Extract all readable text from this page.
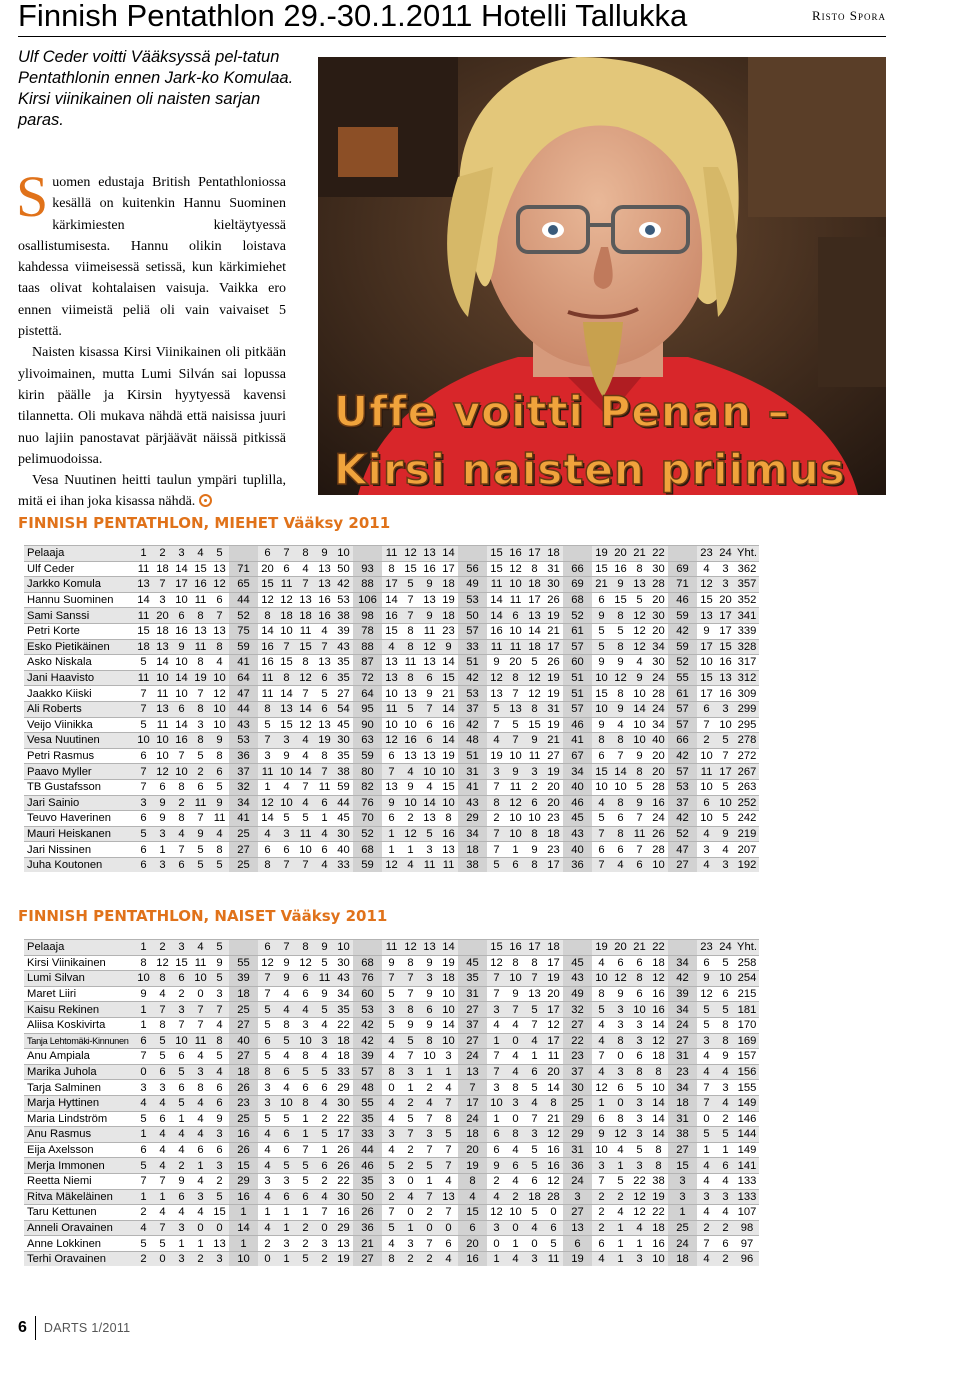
Finnish Pentathlon 29.-30.1.2011 Hotelli Tallukka	Risto Spora
Ulf Ceder voitti Vääksyssä pel-tatun Pentathlonin ennen Jark-ko Komulaa. Kirsi viinikainen oli naisten sarjan paras.

Suomen edustaja British Pentathloniossa kesällä on kuitenkin Hannu Suominen kärkimiesten kieltäytyessä osallistumisesta. Hannu olikin loistava kahdessa viimeisessä setissä, kun kärkimiehet taas olivat kohtalaisen vaisuja. Vaikka ero ennen viimeistä peliä oli vain vaivaiset 5 pistettä.

Naisten kisassa Kirsi Viinikainen oli pitkään ylivoimainen, mutta Lumi Silván sai lopussa kirin päälle ja Kirsin hyytyessä kavensi tilannetta. Oli mukava nähdä että naisissa juuri nuo lajiin panostavat pärjäävät näissä pitkissä pelimuodoissa.

Vesa Nuutinen heitti taulun ympäri tuplilla, mitä ei ihan joka kisassa nähdä.

Uffe voitti Penan –
Kirsi naisten priimus
FINNISH PENTATHLON, MIEHET Vääksy 2011
Pelaaja	1	2	3	4	5		6	7	8	9	10		11	12	13	14		15	16	17	18		19	20	21	22		23	24	Yht.
Ulf Ceder	11	18	14	15	13	71	20	6	4	13	50	93	8	15	16	17	56	15	12	8	31	66	15	16	8	30	69	4	3	362
Jarkko Komula	13	7	17	16	12	65	15	11	7	13	42	88	17	5	9	18	49	11	10	18	30	69	21	9	13	28	71	12	3	357
Hannu Suominen	14	3	10	11	6	44	12	12	13	16	53	106	14	7	13	19	53	14	11	17	26	68	6	15	5	20	46	15	20	352
Sami Sanssi	11	20	6	8	7	52	8	18	18	16	38	98	16	7	9	18	50	14	6	13	19	52	9	8	12	30	59	13	17	341
Petri Korte	15	18	16	13	13	75	14	10	11	4	39	78	15	8	11	23	57	16	10	14	21	61	5	5	12	20	42	9	17	339
Esko Pietikäinen	18	13	9	11	8	59	16	7	15	7	43	88	4	8	12	9	33	11	11	18	17	57	5	8	12	34	59	17	15	328
Asko Niskala	5	14	10	8	4	41	16	15	8	13	35	87	13	11	13	14	51	9	20	5	26	60	9	9	4	30	52	10	16	317
Jani Haavisto	11	10	14	19	10	64	11	8	12	6	35	72	13	8	6	15	42	12	8	12	19	51	10	12	9	24	55	15	13	312
Jaakko Kiiski	7	11	10	7	12	47	11	14	7	5	27	64	10	13	9	21	53	13	7	12	19	51	15	8	10	28	61	17	16	309
Ali Roberts	7	13	6	8	10	44	8	13	14	6	54	95	11	5	7	14	37	5	13	8	31	57	10	9	14	24	57	6	3	299
Veijo Viinikka	5	11	14	3	10	43	5	15	12	13	45	90	10	10	6	16	42	7	5	15	19	46	9	4	10	34	57	7	10	295
Vesa Nuutinen	10	10	16	8	9	53	7	3	4	19	30	63	12	16	6	14	48	4	7	9	21	41	8	8	10	40	66	2	5	278
Petri Rasmus	6	10	7	5	8	36	3	9	4	8	35	59	6	13	13	19	51	19	10	11	27	67	6	7	9	20	42	10	7	272
Paavo Myller	7	12	10	2	6	37	11	10	14	7	38	80	7	4	10	10	31	3	9	3	19	34	15	14	8	20	57	11	17	267
TB Gustafsson	7	6	8	6	5	32	1	4	7	11	59	82	13	9	4	15	41	7	11	2	20	40	10	10	5	28	53	10	5	263
Jari Sainio	3	9	2	11	9	34	12	10	4	6	44	76	9	10	14	10	43	8	12	6	20	46	4	8	9	16	37	6	10	252
Teuvo Haverinen	6	9	8	7	11	41	14	5	5	1	45	70	6	2	13	8	29	2	10	10	23	45	5	6	7	24	42	10	5	242
Mauri Heiskanen	5	3	4	9	4	25	4	3	11	4	30	52	1	12	5	16	34	7	10	8	18	43	7	8	11	26	52	4	9	219
Jari Nissinen	6	1	7	5	8	27	6	6	10	6	40	68	1	1	3	13	18	7	1	9	23	40	6	6	7	28	47	3	4	207
Juha Koutonen	6	3	6	5	5	25	8	7	7	4	33	59	12	4	11	11	38	5	6	8	17	36	7	4	6	10	27	4	3	192
FINNISH PENTATHLON, NAISET Vääksy 2011
Pelaaja	1	2	3	4	5		6	7	8	9	10		11	12	13	14		15	16	17	18		19	20	21	22		23	24	Yht.
Kirsi Viinikainen	8	12	15	11	9	55	12	9	12	5	30	68	9	8	9	19	45	12	8	8	17	45	4	6	6	18	34	6	5	258
Lumi Silvan	10	8	6	10	5	39	7	9	6	11	43	76	7	7	3	18	35	7	10	7	19	43	10	12	8	12	42	9	10	254
Maret Liiri	9	4	2	0	3	18	7	4	6	9	34	60	5	7	9	10	31	7	9	13	20	49	8	9	6	16	39	12	6	215
Kaisu Rekinen	1	7	3	7	7	25	5	4	4	5	35	53	3	8	6	10	27	3	7	5	17	32	5	3	10	16	34	5	5	181
Aliisa Koskivirta	1	8	7	7	4	27	5	8	3	4	22	42	5	9	9	14	37	4	4	7	12	27	4	3	3	14	24	5	8	170
Tanja Lehtomäki-Kinnunen	6	5	10	11	8	40	6	5	10	3	18	42	4	5	8	10	27	1	0	4	17	22	4	8	3	12	27	3	8	169
Anu Ampiala	7	5	6	4	5	27	5	4	8	4	18	39	4	7	10	3	24	7	4	1	11	23	7	0	6	18	31	4	9	157
Marika Juhola	0	6	5	3	4	18	8	6	5	5	33	57	8	3	1	1	13	7	4	6	20	37	4	3	8	8	23	4	4	156
Tarja Salminen	3	3	6	8	6	26	3	4	6	6	29	48	0	1	2	4	7	3	8	5	14	30	12	6	5	10	34	7	3	155
Marja Hyttinen	4	4	5	4	6	23	3	10	8	4	30	55	4	2	4	7	17	10	3	4	8	25	1	0	3	14	18	7	4	149
Maria Lindström	5	6	1	4	9	25	5	5	1	2	22	35	4	5	7	8	24	1	0	7	21	29	6	8	3	14	31	0	2	146
Anu Rasmus	1	4	4	4	3	16	4	6	1	5	17	33	3	7	3	5	18	6	8	3	12	29	9	12	3	14	38	5	5	144
Eija Axelsson	6	4	4	6	6	26	4	6	7	1	26	44	4	2	7	7	20	6	4	5	16	31	10	4	5	8	27	1	1	149
Merja Immonen	5	4	2	1	3	15	4	5	5	6	26	46	5	2	5	7	19	9	6	5	16	36	3	1	3	8	15	4	6	141
Reetta Niemi	7	7	9	4	2	29	3	3	5	2	22	35	3	0	1	4	8	2	4	6	12	24	7	5	22	38	3	4	4	133
Ritva Mäkeläinen	1	1	6	3	5	16	4	6	6	4	30	50	2	4	7	13	4	4	2	18	28	3	2	2	12	19	3	3	3	133
Taru Kettunen	2	4	4	4	15	1	1	1	1	7	16	26	7	0	2	7	15	12	10	5	0	27	2	4	12	22	1	4	4	107
Anneli Oravainen	4	7	3	0	0	14	4	1	2	0	29	36	5	1	0	0	6	3	0	4	6	13	2	1	4	18	25	2	2	98
Anne Lokkinen	5	5	1	1	13	1	2	3	2	3	13	21	4	3	7	6	20	0	1	0	5	6	6	1	1	16	24	7	6	97
Terhi Oravainen	2	0	3	2	3	10	0	1	5	2	19	27	8	2	2	4	16	1	4	3	11	19	4	1	3	10	18	4	2	96
6 DARTS 1/2011
